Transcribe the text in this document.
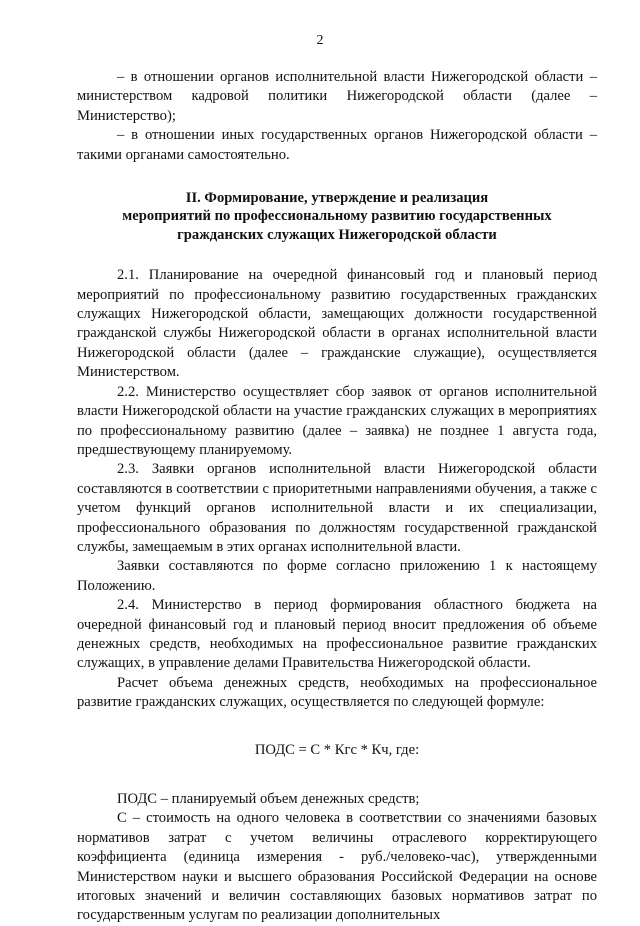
2

– в отношении органов исполнительной власти Нижегородской области – министерством кадровой политики Нижегородской области (далее – Министерство);

– в отношении иных государственных органов Нижегородской области – такими органами самостоятельно.

II. Формирование, утверждение и реализация
мероприятий по профессиональному развитию государственных
гражданских служащих Нижегородской области

2.1. Планирование на очередной финансовый год и плановый период мероприятий по профессиональному развитию государственных гражданских служащих Нижегородской области, замещающих должности государственной гражданской службы Нижегородской области в органах исполнительной власти Нижегородской области (далее – гражданские служащие), осуществляется Министерством.

2.2. Министерство осуществляет сбор заявок от органов исполнительной власти Нижегородской области на участие гражданских служащих в мероприятиях по профессиональному развитию (далее – заявка) не позднее 1 августа года, предшествующему планируемому.

2.3. Заявки органов исполнительной власти Нижегородской области составляются в соответствии с приоритетными направлениями обучения, а также с учетом функций органов исполнительной власти и их специализации, профессионального образования по должностям государственной гражданской службы, замещаемым в этих органах исполнительной власти.

Заявки составляются по форме согласно приложению 1 к настоящему Положению.

2.4. Министерство в период формирования областного бюджета на очередной финансовый год и плановый период вносит предложения об объеме денежных средств, необходимых на профессиональное развитие гражданских служащих, в управление делами Правительства Нижегородской области.

Расчет объема денежных средств, необходимых на профессиональное развитие гражданских служащих, осуществляется по следующей формуле:

ПОДС = С * Кгс * Кч, где:

ПОДС – планируемый объем денежных средств;

С – стоимость на одного человека в соответствии со значениями базовых нормативов затрат с учетом величины отраслевого корректирующего коэффициента (единица измерения - руб./человеко-час), утвержденными Министерством науки и высшего образования Российской Федерации на основе итоговых значений и величин составляющих базовых нормативов затрат по государственным услугам по реализации дополнительных
